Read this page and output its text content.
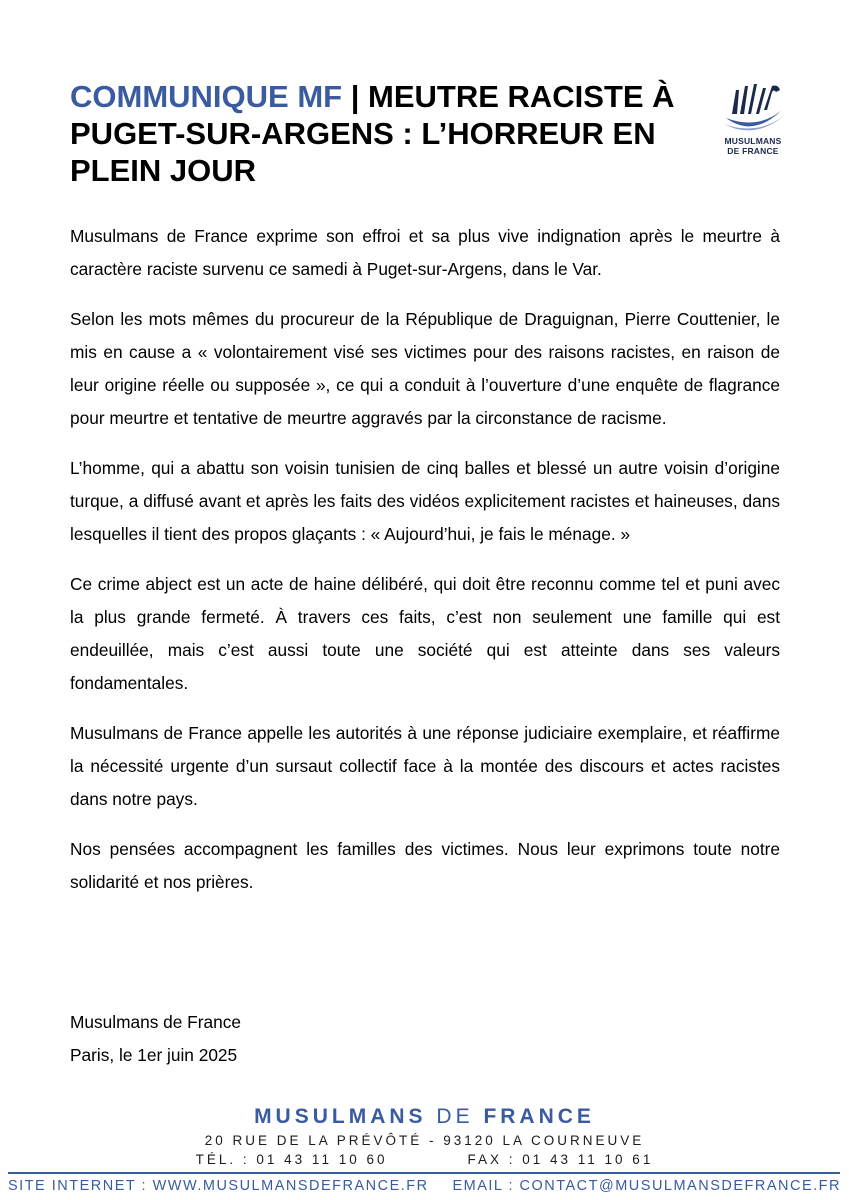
COMMUNIQUE MF | MEUTRE RACISTE À PUGET-SUR-ARGENS : L’HORREUR EN PLEIN JOUR
MUSULMANS
DE FRANCE

Musulmans de France exprime son effroi et sa plus vive indignation après le meurtre à caractère raciste survenu ce samedi à Puget-sur-Argens, dans le Var.

Selon les mots mêmes du procureur de la République de Draguignan, Pierre Couttenier, le mis en cause a « volontairement visé ses victimes pour des raisons racistes, en raison de leur origine réelle ou supposée », ce qui a conduit à l’ouverture d’une enquête de flagrance pour meurtre et tentative de meurtre aggravés par la circonstance de racisme.

L’homme, qui a abattu son voisin tunisien de cinq balles et blessé un autre voisin d’origine turque, a diffusé avant et après les faits des vidéos explicitement racistes et haineuses, dans lesquelles il tient des propos glaçants : « Aujourd’hui, je fais le ménage. »

Ce crime abject est un acte de haine délibéré, qui doit être reconnu comme tel et puni avec la plus grande fermeté. À travers ces faits, c’est non seulement une famille qui est endeuillée, mais c’est aussi toute une société qui est atteinte dans ses valeurs fondamentales.

Musulmans de France appelle les autorités à une réponse judiciaire exemplaire, et réaffirme la nécessité urgente d’un sursaut collectif face à la montée des discours et actes racistes dans notre pays.

Nos pensées accompagnent les familles des victimes. Nous leur exprimons toute notre solidarité et nos prières.

Musulmans de France
Paris, le 1er juin 2025
MUSULMANS DE FRANCE
20 RUE DE LA PRÉVÔTÉ - 93120 LA COURNEUVE
TÉL. : 01 43 11 10 60	FAX : 01 43 11 10 61
SITE INTERNET : WWW.MUSULMANSDEFRANCE.FR EMAIL : CONTACT@MUSULMANSDEFRANCE.FR
